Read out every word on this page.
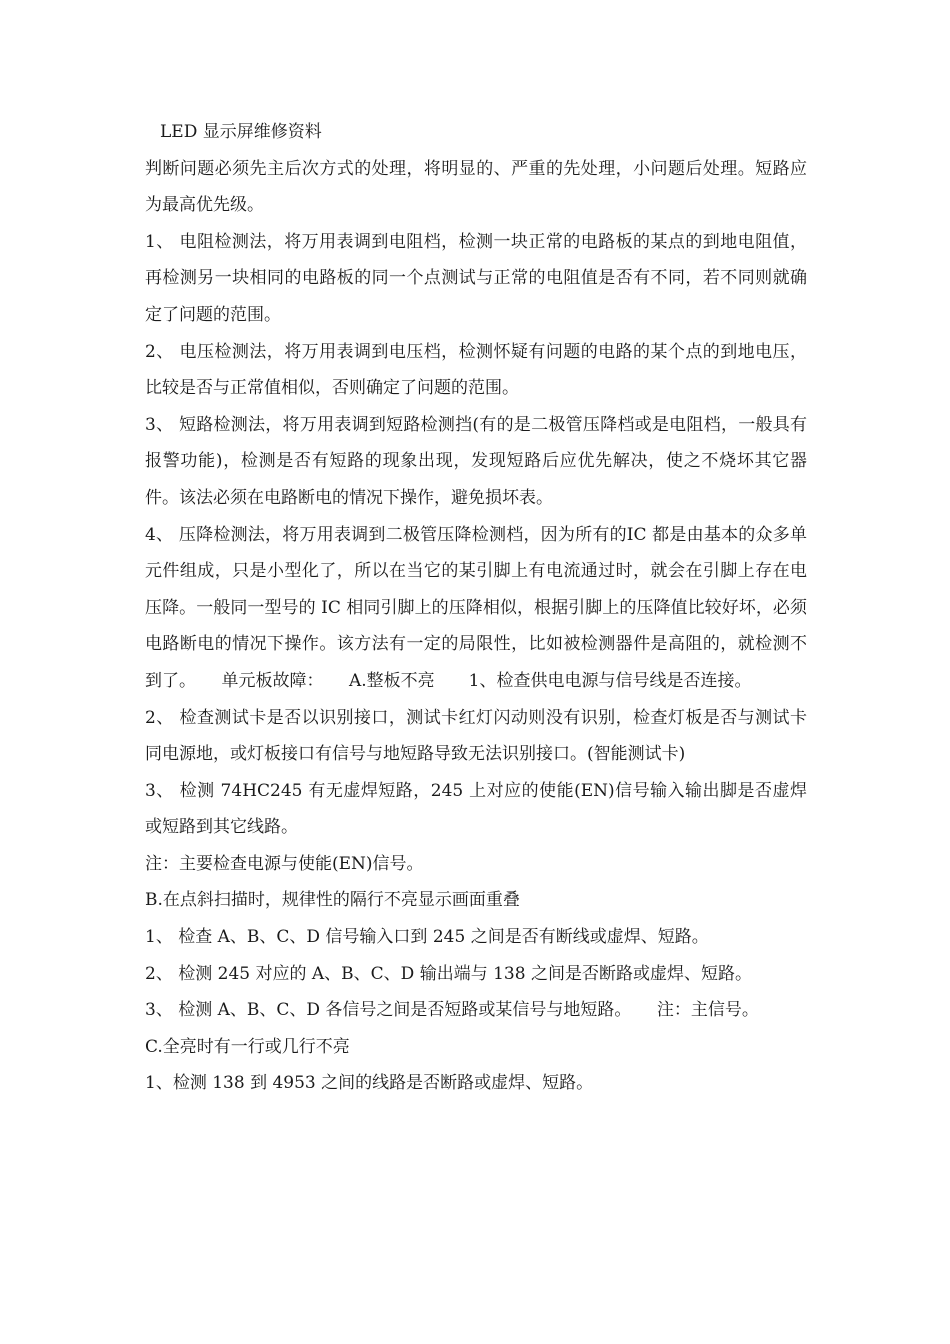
LED 显示屏维修资料

判断问题必须先主后次方式的处理，将明显的、严重的先处理，小问题后处理。短路应为最高优先级。

1、 电阻检测法，将万用表调到电阻档，检测一块正常的电路板的某点的到地电阻值，再检测另一块相同的电路板的同一个点测试与正常的电阻值是否有不同，若不同则就确定了问题的范围。

2、 电压检测法，将万用表调到电压档，检测怀疑有问题的电路的某个点的到地电压，比较是否与正常值相似，否则确定了问题的范围。

3、 短路检测法，将万用表调到短路检测挡(有的是二极管压降档或是电阻档，一般具有报警功能)，检测是否有短路的现象出现，发现短路后应优先解决，使之不烧坏其它器件。该法必须在电路断电的情况下操作，避免损坏表。

4、 压降检测法，将万用表调到二极管压降检测档，因为所有的IC 都是由基本的众多单元件组成，只是小型化了，所以在当它的某引脚上有电流通过时，就会在引脚上存在电压降。一般同一型号的 IC 相同引脚上的压降相似，根据引脚上的压降值比较好坏，必须电路断电的情况下操作。该方法有一定的局限性，比如被检测器件是高阻的，就检测不到了。　　单元板故障：　　A.整板不亮　　1、检查供电电源与信号线是否连接。

2、 检查测试卡是否以识别接口，测试卡红灯闪动则没有识别，检查灯板是否与测试卡同电源地，或灯板接口有信号与地短路导致无法识别接口。(智能测试卡)

3、 检测 74HC245 有无虚焊短路，245 上对应的使能(EN)信号输入输出脚是否虚焊或短路到其它线路。

注：主要检查电源与使能(EN)信号。

B.在点斜扫描时，规律性的隔行不亮显示画面重叠

1、 检查 A、B、C、D 信号输入口到 245 之间是否有断线或虚焊、短路。

2、 检测 245 对应的 A、B、C、D 输出端与 138 之间是否断路或虚焊、短路。

3、 检测 A、B、C、D 各信号之间是否短路或某信号与地短路。　　注：主信号。

C.全亮时有一行或几行不亮

1、检测 138 到 4953 之间的线路是否断路或虚焊、短路。
